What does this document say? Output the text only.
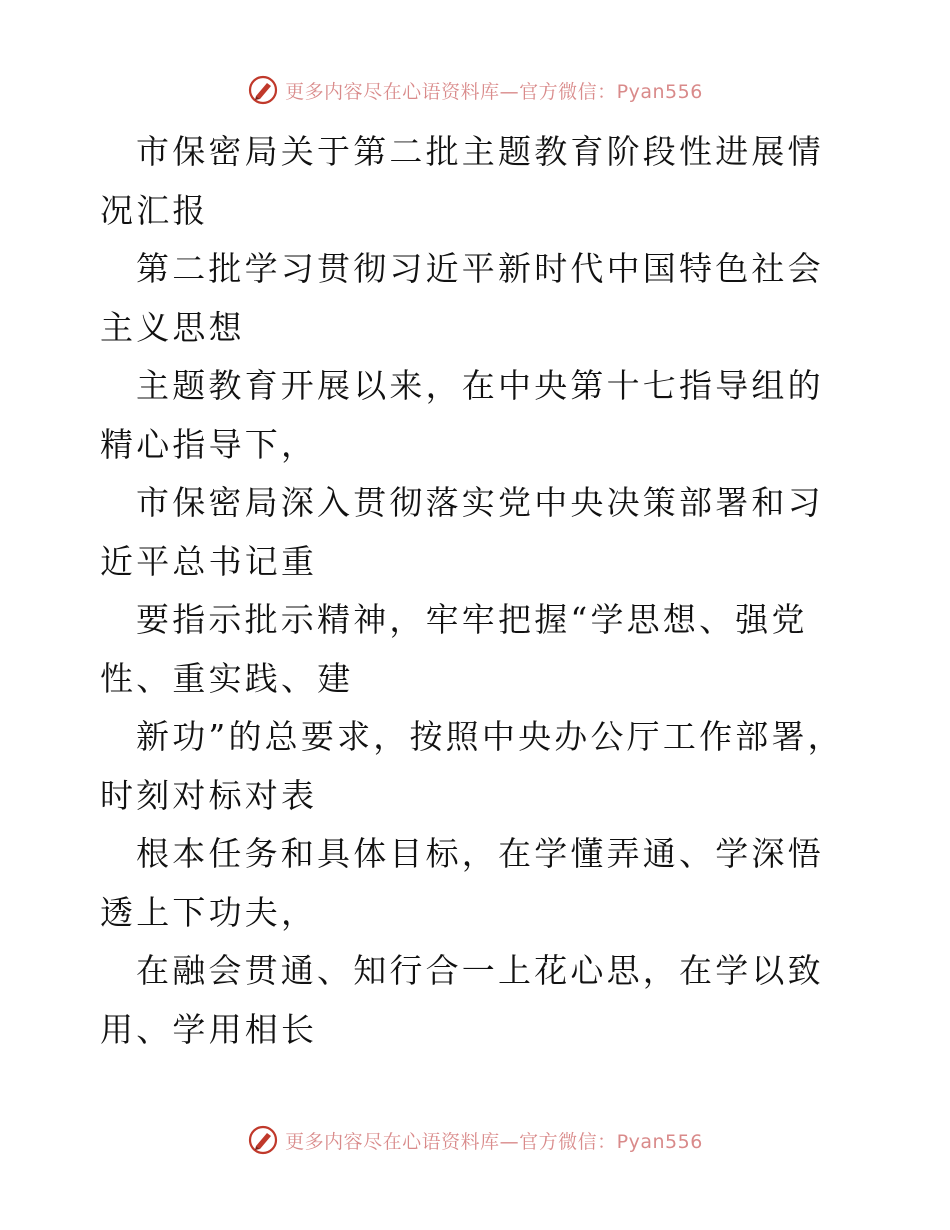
更多内容尽在心语资料库—官方微信：Pyan556

市保密局关于第二批主题教育阶段性进展情况汇报

第二批学习贯彻习近平新时代中国特色社会主义思想

主题教育开展以来，在中央第十七指导组的精心指导下，

市保密局深入贯彻落实党中央决策部署和习近平总书记重

要指示批示精神，牢牢把握“学思想、强党性、重实践、建

新功”的总要求，按照中央办公厅工作部署，时刻对标对表

根本任务和具体目标，在学懂弄通、学深悟透上下功夫，

在融会贯通、知行合一上花心思，在学以致用、学用相长

更多内容尽在心语资料库—官方微信：Pyan556
